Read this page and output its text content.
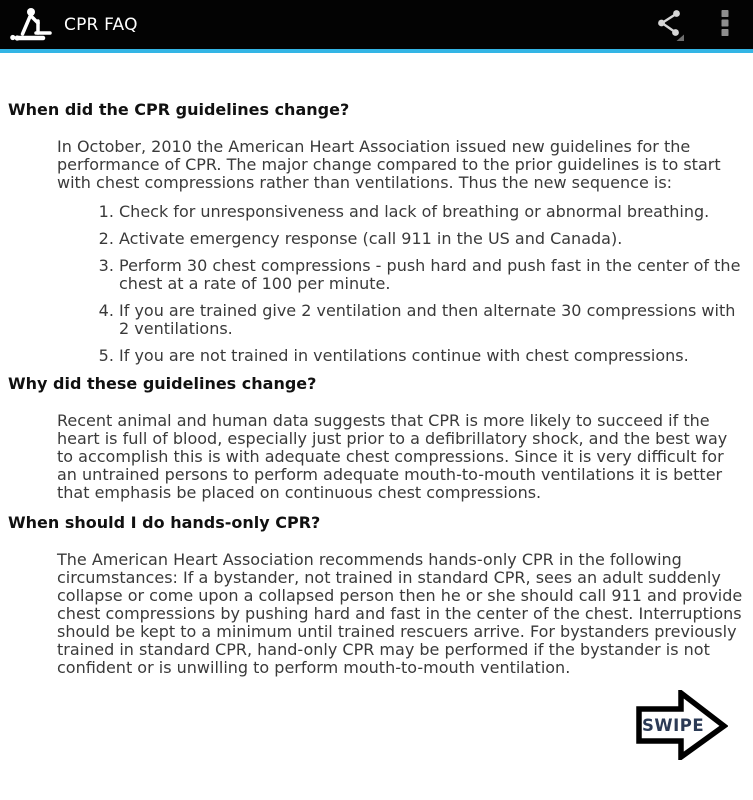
CPR FAQ
When did the CPR guidelines change?

In October, 2010 the American Heart Association issued new guidelines for the performance of CPR. The major change compared to the prior guidelines is to start with chest compressions rather than ventilations. Thus the new sequence is:

1. Check for unresponsiveness and lack of breathing or abnormal breathing.
2. Activate emergency response (call 911 in the US and Canada).
3. Perform 30 chest compressions - push hard and push fast in the center of the chest at a rate of 100 per minute.
4. If you are trained give 2 ventilation and then alternate 30 compressions with 2 ventilations.
5. If you are not trained in ventilations continue with chest compressions.
Why did these guidelines change?

Recent animal and human data suggests that CPR is more likely to succeed if the heart is full of blood, especially just prior to a defibrillatory shock, and the best way to accomplish this is with adequate chest compressions. Since it is very difficult for an untrained persons to perform adequate mouth-to-mouth ventilations it is better that emphasis be placed on continuous chest compressions.

When should I do hands-only CPR?

The American Heart Association recommends hands-only CPR in the following circumstances: If a bystander, not trained in standard CPR, sees an adult suddenly collapse or come upon a collapsed person then he or she should call 911 and provide chest compressions by pushing hard and fast in the center of the chest. Interruptions should be kept to a minimum until trained rescuers arrive. For bystanders previously trained in standard CPR, hand-only CPR may be performed if the bystander is not confident or is unwilling to perform mouth-to-mouth ventilation.

SWIPE
